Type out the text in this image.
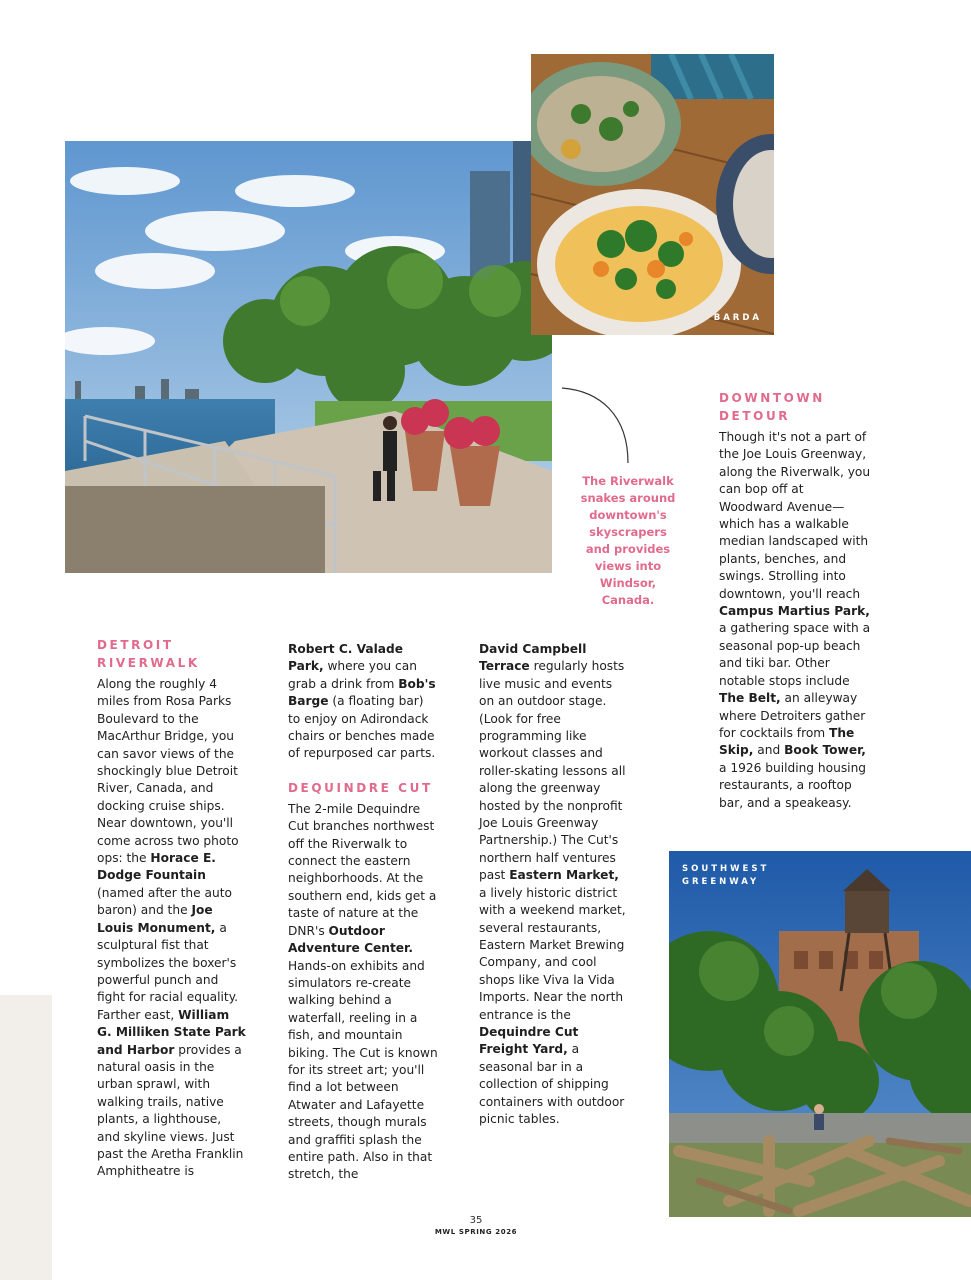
BARDA
SOUTHWEST
GREENWAY
The Riverwalk snakes around downtown's skyscrapers and provides views into Windsor, Canada.
DETROIT
RIVERWALK

Along the roughly 4 miles from Rosa Parks Boulevard to the MacArthur Bridge, you can savor views of the shockingly blue Detroit River, Canada, and docking cruise ships. Near downtown, you'll come across two photo ops: the Horace E. Dodge Fountain (named after the auto baron) and the Joe Louis Monument, a sculptural fist that symbolizes the boxer's powerful punch and fight for racial equality. Farther east, William G. Milliken State Park and Harbor provides a natural oasis in the urban sprawl, with walking trails, native plants, a lighthouse, and skyline views. Just past the Aretha Franklin Amphitheatre is

Robert C. Valade Park, where you can grab a drink from Bob's Barge (a floating bar) to enjoy on Adirondack chairs or benches made of repurposed car parts.

DEQUINDRE CUT

The 2-mile Dequindre Cut branches northwest off the Riverwalk to connect the eastern neighborhoods. At the southern end, kids get a taste of nature at the DNR's Outdoor Adventure Center. Hands-on exhibits and simulators re-create walking behind a waterfall, reeling in a fish, and mountain biking. The Cut is known for its street art; you'll find a lot between Atwater and Lafayette streets, though murals and graffiti splash the entire path. Also in that stretch, the

David Campbell Terrace regularly hosts live music and events on an outdoor stage. (Look for free programming like workout classes and roller-skating lessons all along the greenway hosted by the nonprofit Joe Louis Greenway Partnership.) The Cut's northern half ventures past Eastern Market, a lively historic district with a weekend market, several restaurants, Eastern Market Brewing Company, and cool shops like Viva la Vida Imports. Near the north entrance is the Dequindre Cut Freight Yard, a seasonal bar in a collection of shipping containers with outdoor picnic tables.

DOWNTOWN
DETOUR

Though it's not a part of the Joe Louis Greenway, along the Riverwalk, you can bop off at Woodward Avenue—which has a walkable median landscaped with plants, benches, and swings. Strolling into downtown, you'll reach Campus Martius Park, a gathering space with a seasonal pop-up beach and tiki bar. Other notable stops include The Belt, an alleyway where Detroiters gather for cocktails from The Skip, and Book Tower, a 1926 building housing restaurants, a rooftop bar, and a speakeasy.

35
MWL SPRING 2026
